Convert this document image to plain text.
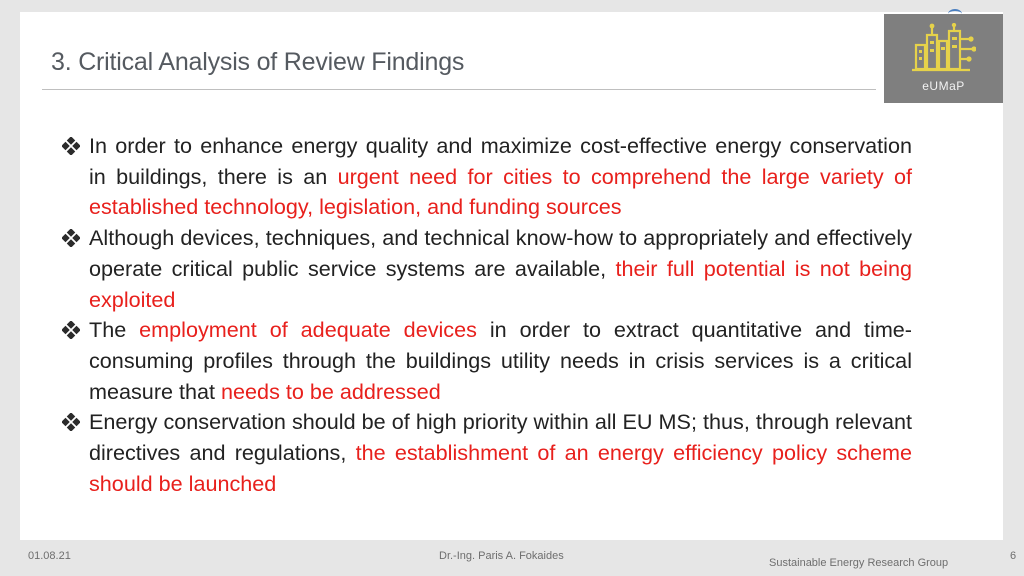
3. Critical Analysis of Review Findings
eUMaP
In order to enhance energy quality and maximize cost-effective energy conservation in buildings, there is an urgent need for cities to comprehend the large variety of established technology, legislation, and funding sources
Although devices, techniques, and technical know-how to appropriately and effectively operate critical public service systems are available, their full potential is not being exploited
The employment of adequate devices in order to extract quantitative and time-consuming profiles through the buildings utility needs in crisis services is a critical measure that needs to be addressed
Energy conservation should be of high priority within all EU MS; thus, through relevant directives and regulations, the establishment of an energy efficiency policy scheme should be launched
01.08.21	Dr.-Ing. Paris A. Fokaides
Sustainable Energy Research Group
6
